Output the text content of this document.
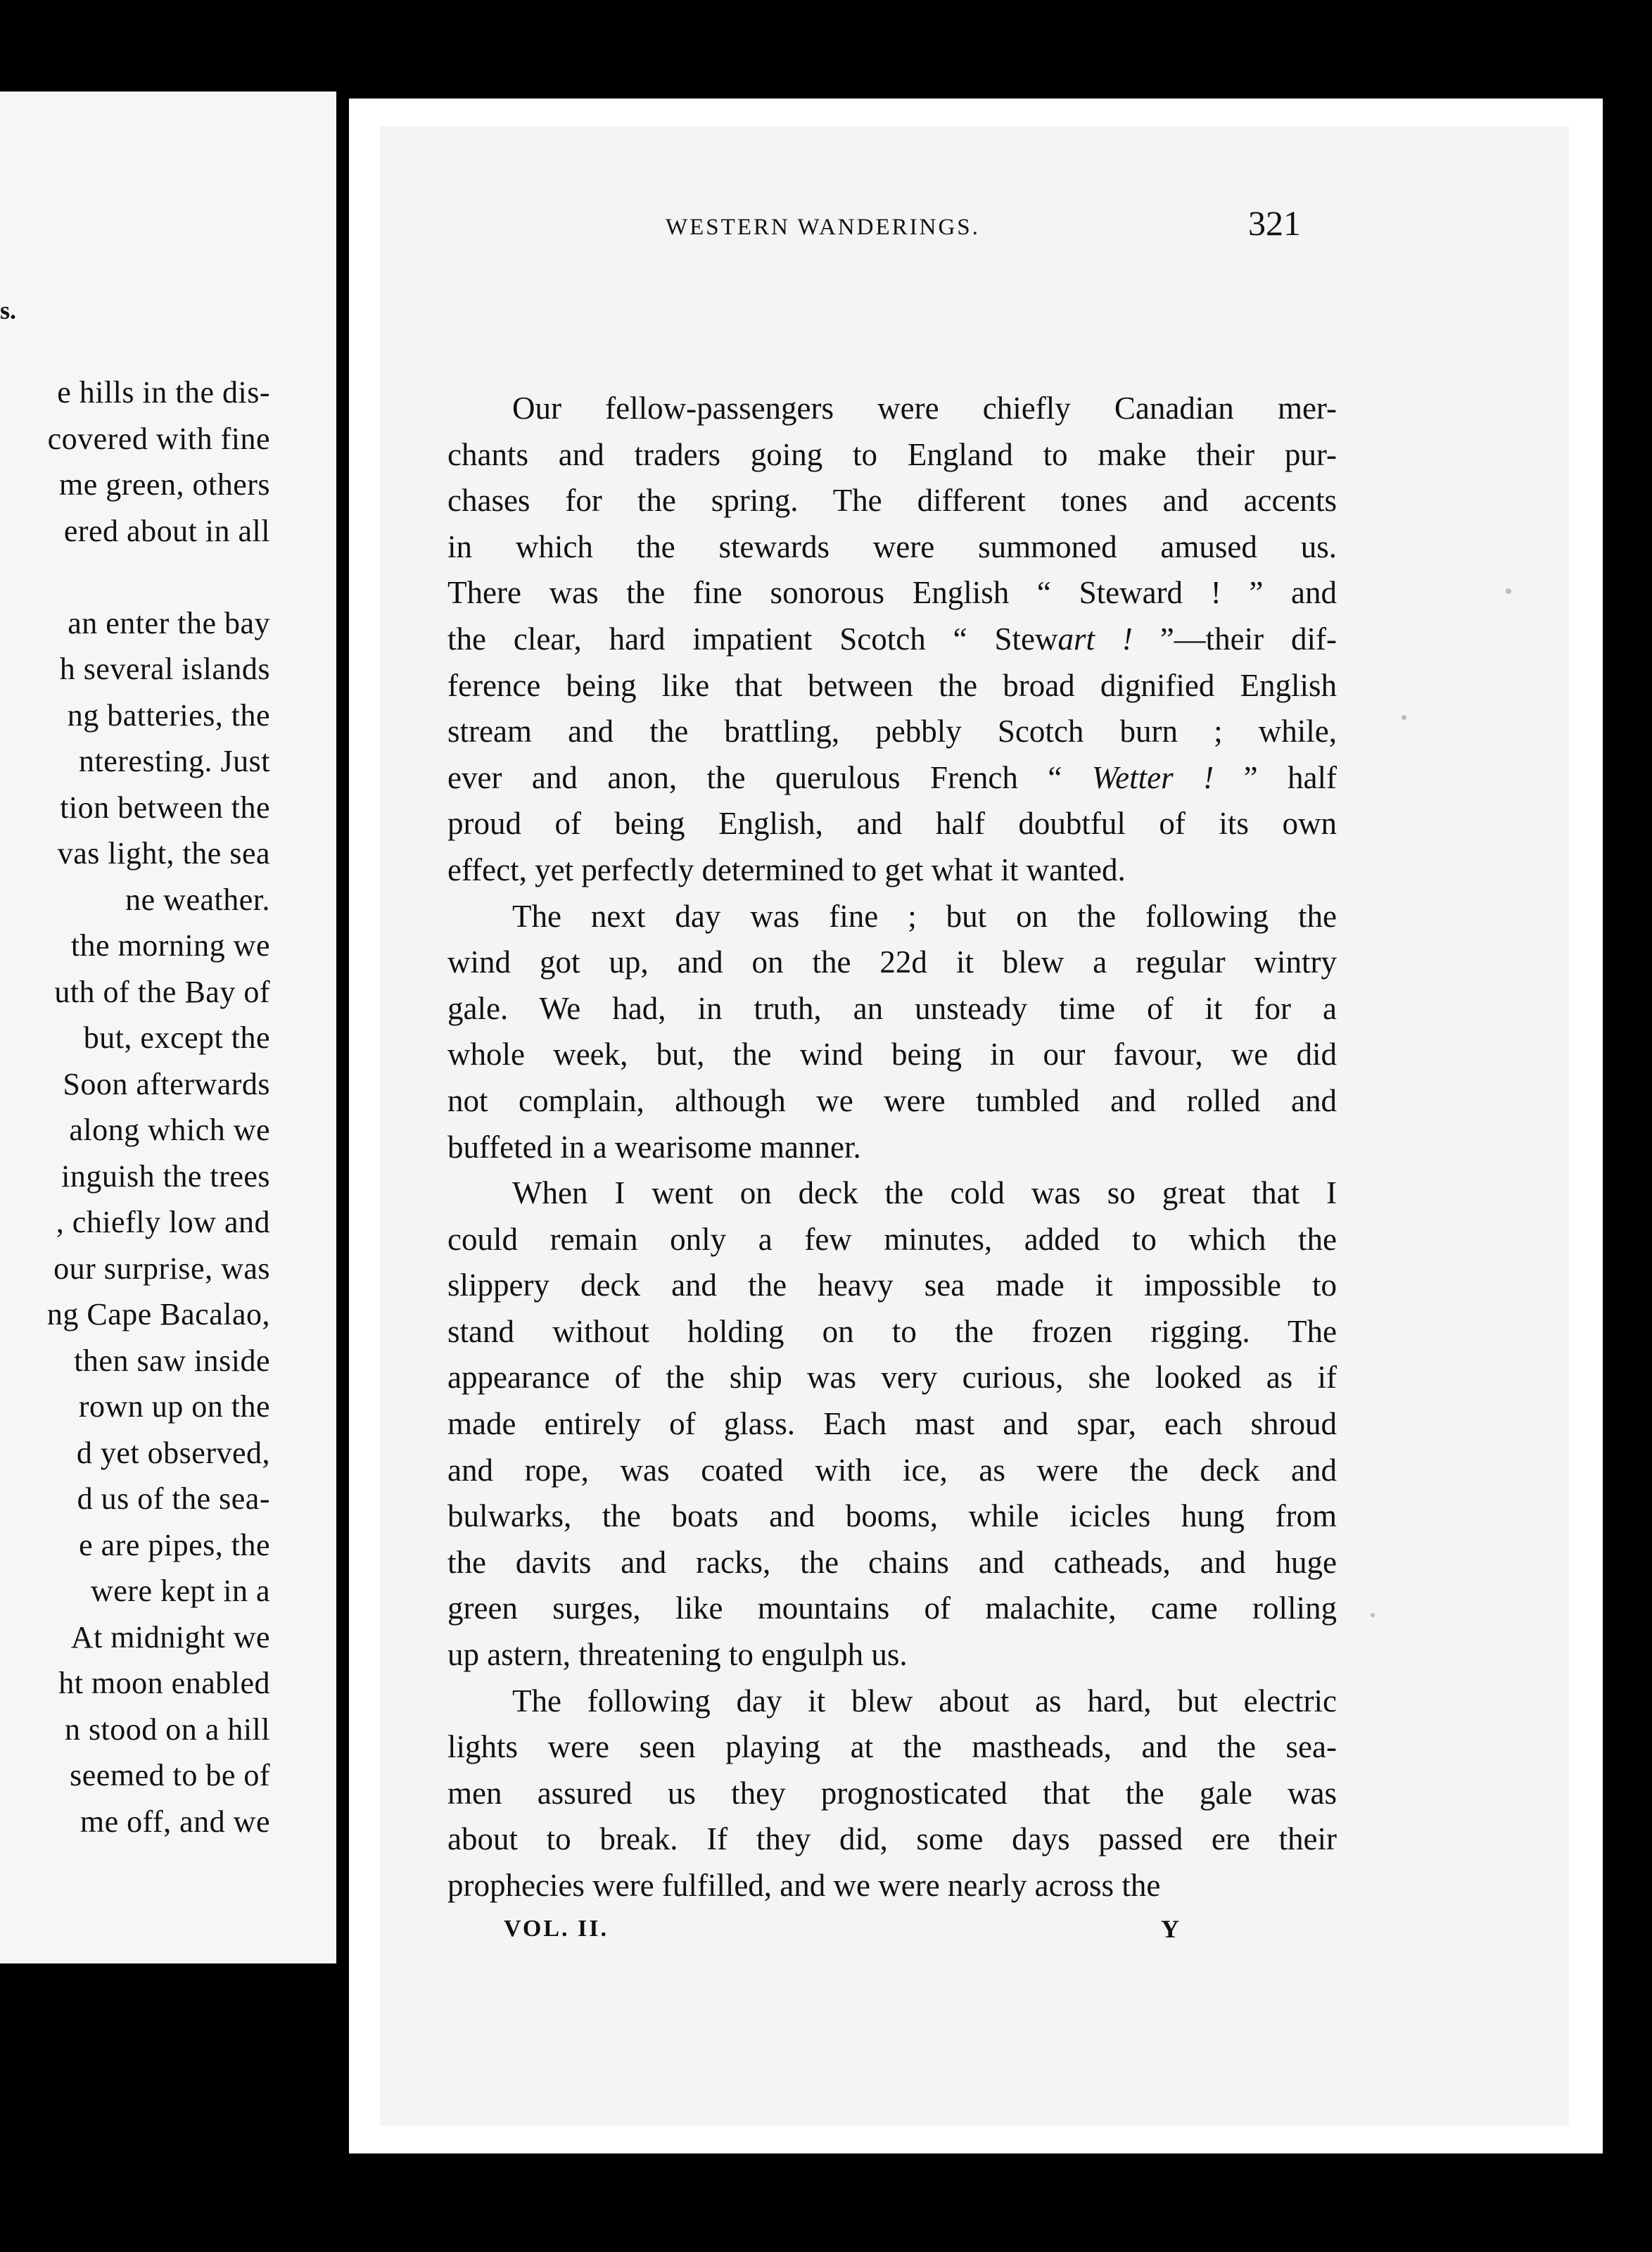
s.
e hills in the dis-
covered with fine
me green, others
ered about in all
an enter the bay
h several islands
ng batteries, the
nteresting. Just
tion between the
vas light, the sea
ne weather.
the morning we
uth of the Bay of
but, except the
Soon afterwards
along which we
inguish the trees
, chiefly low and
our surprise, was
ng Cape Bacalao,
then saw inside
rown up on the
d yet observed,
d us of the sea-
e are pipes, the
were kept in a
At midnight we
ht moon enabled
n stood on a hill
seemed to be of
me off, and we
WESTERN WANDERINGS.	321
Our fellow-passengers were chiefly Canadian mer-
chants and traders going to England to make their pur-
chases for the spring. The different tones and accents
in which the stewards were summoned amused us.
There was the fine sonorous English “ Steward ! ” and
the clear, hard impatient Scotch “ Stewart ! ”—their dif-
ference being like that between the broad dignified English
stream and the brattling, pebbly Scotch burn ; while,
ever and anon, the querulous French “ Wetter ! ” half
proud of being English, and half doubtful of its own
effect, yet perfectly determined to get what it wanted.
The next day was fine ; but on the following the
wind got up, and on the 22d it blew a regular wintry
gale. We had, in truth, an unsteady time of it for a
whole week, but, the wind being in our favour, we did
not complain, although we were tumbled and rolled and
buffeted in a wearisome manner.
When I went on deck the cold was so great that I
could remain only a few minutes, added to which the
slippery deck and the heavy sea made it impossible to
stand without holding on to the frozen rigging. The
appearance of the ship was very curious, she looked as if
made entirely of glass. Each mast and spar, each shroud
and rope, was coated with ice, as were the deck and
bulwarks, the boats and booms, while icicles hung from
the davits and racks, the chains and catheads, and huge
green surges, like mountains of malachite, came rolling
up astern, threatening to engulph us.
The following day it blew about as hard, but electric
lights were seen playing at the mastheads, and the sea-
men assured us they prognosticated that the gale was
about to break. If they did, some days passed ere their
prophecies were fulfilled, and we were nearly across the
VOL. II.	Y
